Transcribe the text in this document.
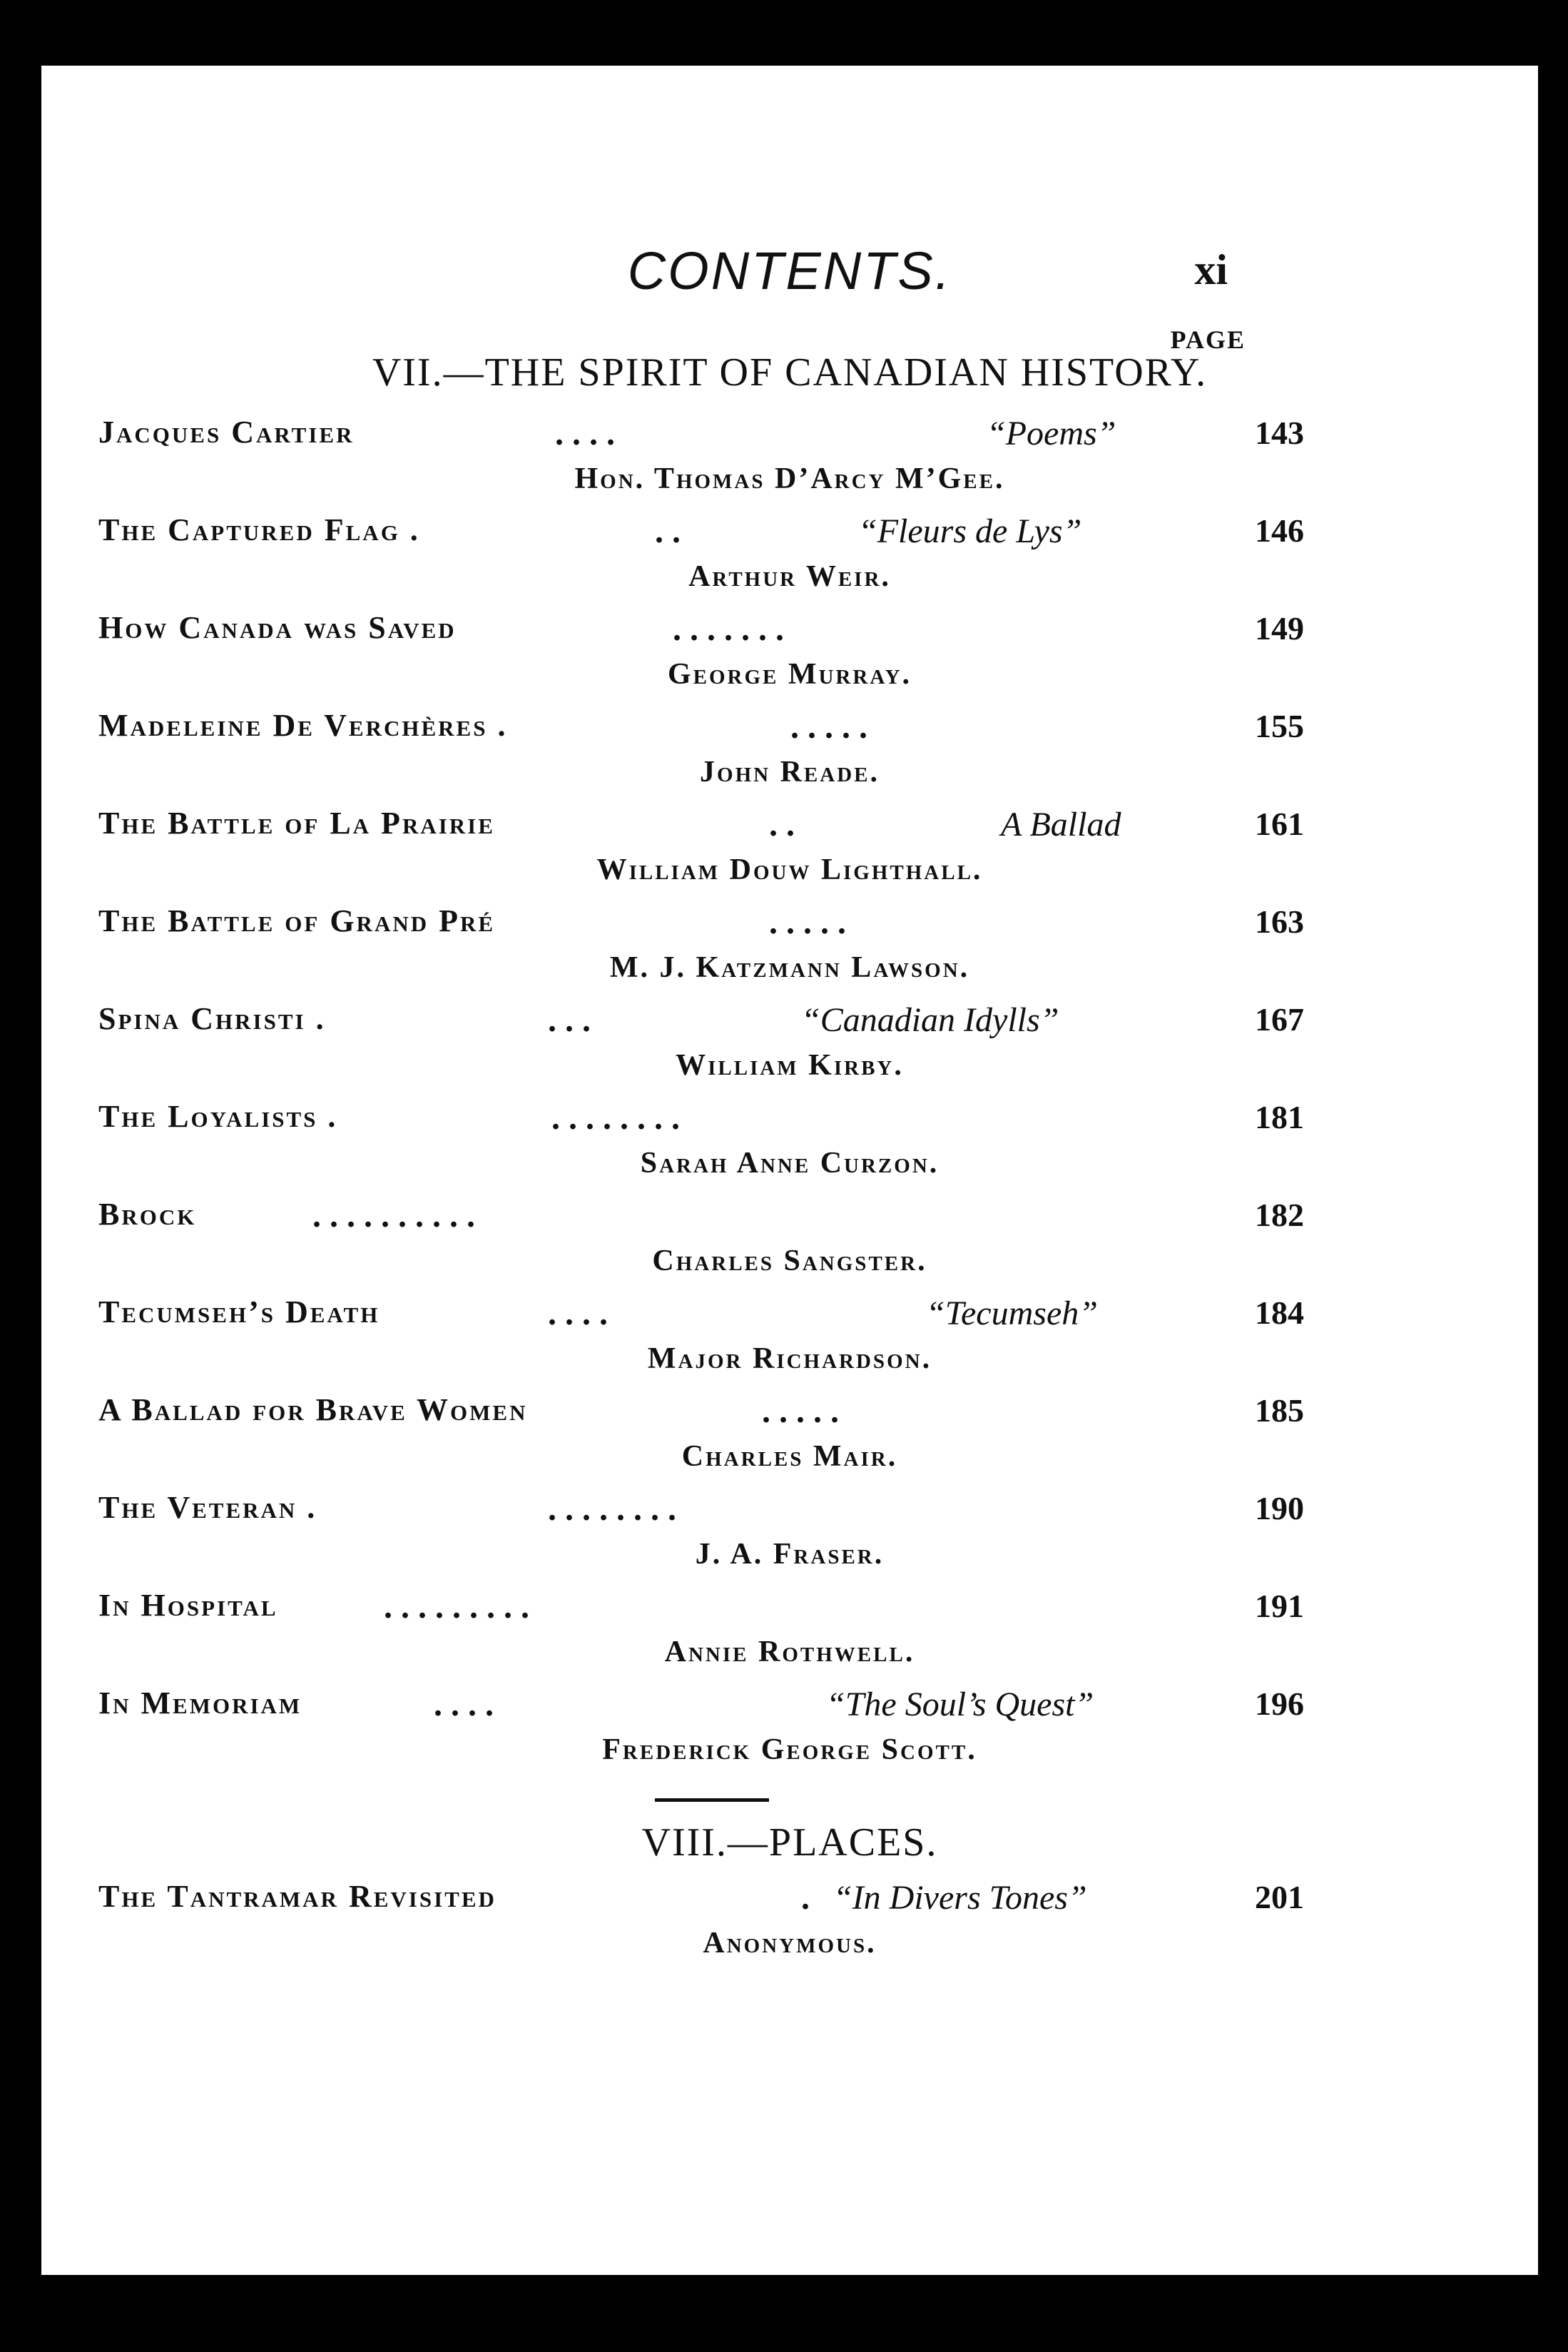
CONTENTS.	xi
PAGE
VII.—THE SPIRIT OF CANADIAN HISTORY.
Jacques Cartier	. . . .	“Poems”	143
Hon. Thomas D’Arcy M’Gee.
The Captured Flag .	. .	“Fleurs de Lys”	146
Arthur Weir.
How Canada was Saved	. . . . . . .	149
George Murray.
Madeleine De Verchères .	. . . . .	155
John Reade.
The Battle of La Prairie	. .	A Ballad	161
William Douw Lighthall.
The Battle of Grand Pré	. . . . .	163
M. J. Katzmann Lawson.
Spina Christi .	. . .	“Canadian Idylls”	167
William Kirby.
The Loyalists .	. . . . . . . .	181
Sarah Anne Curzon.
Brock	. . . . . . . . . .	182
Charles Sangster.
Tecumseh’s Death	. . . .	“Tecumseh”	184
Major Richardson.
A Ballad for Brave Women	. . . . .	185
Charles Mair.
The Veteran .	. . . . . . . .	190
J. A. Fraser.
In Hospital	. . . . . . . . .	191
Annie Rothwell.
In Memoriam	. . . .	“The Soul’s Quest”	196
Frederick George Scott.
VIII.—PLACES.
The Tantramar Revisited	. “In Divers Tones”	201
Anonymous.
